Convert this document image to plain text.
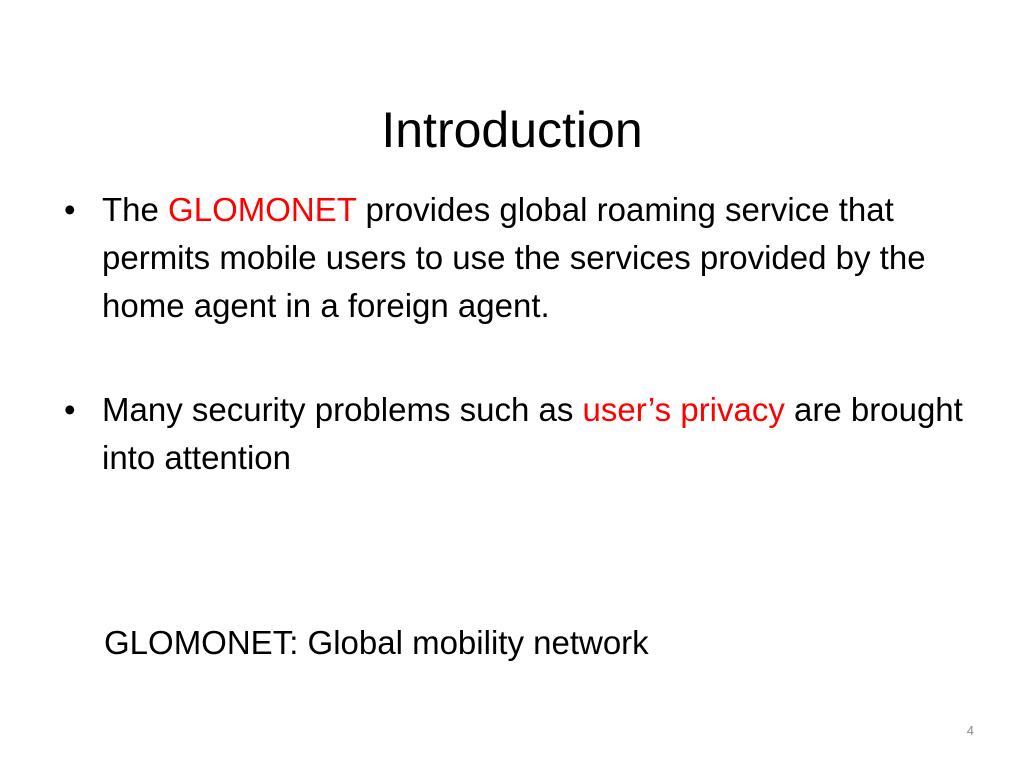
Introduction
• The GLOMONET provides global roaming service that permits mobile users to use the services provided by the home agent in a foreign agent.
• Many security problems such as user’s privacy are brought into attention

GLOMONET: Global mobility network

4
